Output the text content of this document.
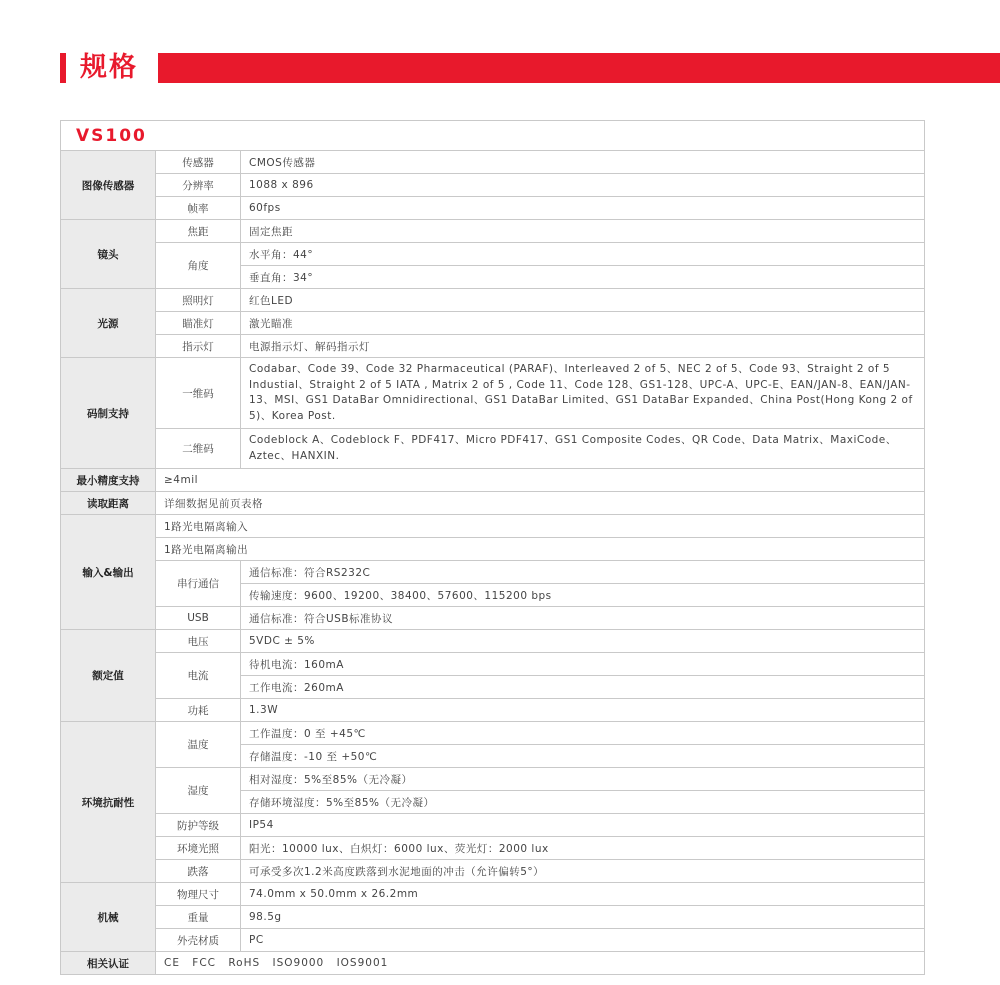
规格
VS100		
图像传感器	传感器	CMOS传感器
	分辨率	1088 x 896
	帧率	60fps
镜头	焦距	固定焦距
	角度	水平角：44°
		垂直角：34°
光源	照明灯	红色LED
	瞄准灯	激光瞄准
	指示灯	电源指示灯、解码指示灯
码制支持	一维码	Codabar、Code 39、Code 32 Pharmaceutical (PARAF)、Interleaved 2 of 5、NEC 2 of 5、Code 93、Straight 2 of 5 Industial、Straight 2 of 5 IATA , Matrix 2 of 5 , Code 11、Code 128、GS1-128、UPC-A、UPC-E、EAN/JAN-8、EAN/JAN-13、MSI、GS1 DataBar Omnidirectional、GS1 DataBar Limited、GS1 DataBar Expanded、China Post(Hong Kong 2 of 5)、Korea Post.
	二维码	Codeblock A、Codeblock F、PDF417、Micro PDF417、GS1 Composite Codes、QR Code、Data Matrix、MaxiCode、Aztec、HANXIN.
最小精度支持	≥4mil	
读取距离	详细数据见前页表格	
输入&输出	1路光电隔离输入	
	1路光电隔离输出	
	串行通信	通信标准：符合RS232C
		传输速度：9600、19200、38400、57600、115200 bps
	USB	通信标准：符合USB标准协议
额定值	电压	5VDC ± 5%
	电流	待机电流：160mA
		工作电流：260mA
	功耗	1.3W
环境抗耐性	温度	工作温度：0 至 +45℃
		存储温度：-10 至 +50℃
	湿度	相对湿度：5%至85%（无冷凝）
		存储环境湿度：5%至85%（无冷凝）
	防护等级	IP54
	环境光照	阳光：10000 lux、白炽灯：6000 lux、荧光灯：2000 lux
	跌落	可承受多次1.2米高度跌落到水泥地面的冲击（允许偏转5°）
机械	物理尺寸	74.0mm x 50.0mm x 26.2mm
	重量	98.5g
	外壳材质	PC
相关认证	CE FCC RoHS ISO9000 IOS9001	
